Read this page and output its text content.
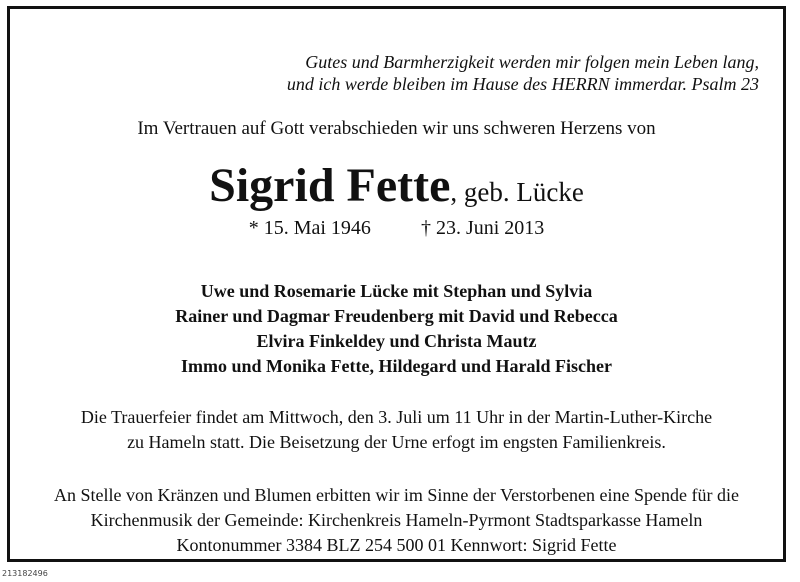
Gutes und Barmherzigkeit werden mir folgen mein Leben lang,
und ich werde bleiben im Hause des HERRN immerdar. Psalm 23
Im Vertrauen auf Gott verabschieden wir uns schweren Herzens von
Sigrid Fette, geb. Lücke
* 15. Mai 1946	† 23. Juni 2013
Uwe und Rosemarie Lücke mit Stephan und Sylvia
Rainer und Dagmar Freudenberg mit David und Rebecca
Elvira Finkeldey und Christa Mautz
Immo und Monika Fette, Hildegard und Harald Fischer
Die Trauerfeier findet am Mittwoch, den 3. Juli um 11 Uhr in der Martin-Luther-Kirche
zu Hameln statt. Die Beisetzung der Urne erfogt im engsten Familienkreis.
An Stelle von Kränzen und Blumen erbitten wir im Sinne der Verstorbenen eine Spende für die
Kirchenmusik der Gemeinde: Kirchenkreis Hameln-Pyrmont Stadtsparkasse Hameln
Kontonummer 3384 BLZ 254 500 01 Kennwort: Sigrid Fette
213182496
